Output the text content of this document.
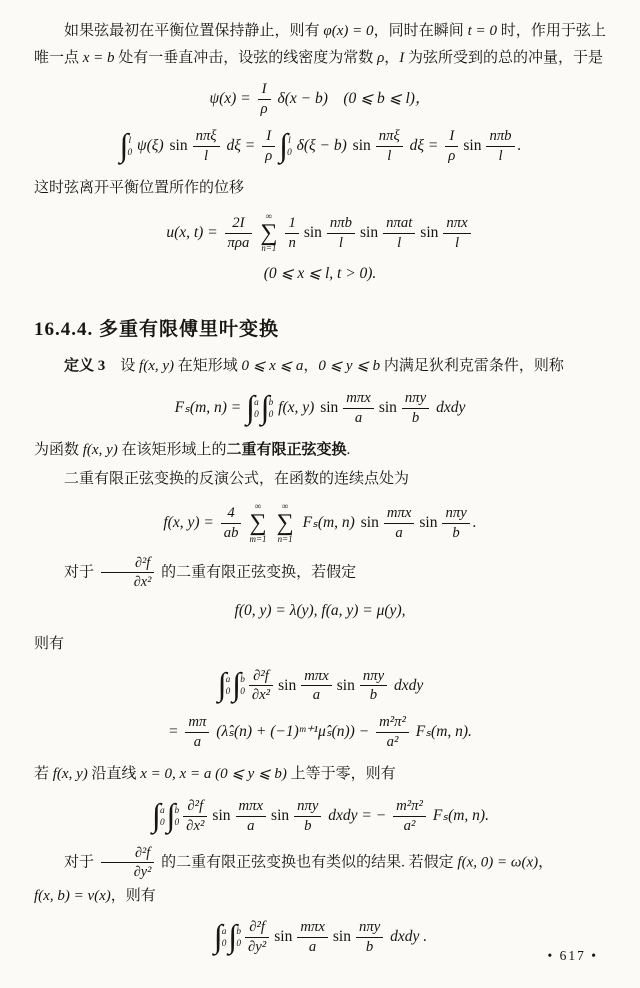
如果弦最初在平衡位置保持静止，则有 φ(x) = 0，同时在瞬间 t = 0 时，作用于弦上唯一点 x = b 处有一垂直冲击，设弦的线密度为常数 ρ，I 为弦所受到的总的冲量，于是
$\psi(x) = \frac{I}{\rho} \delta(x - b)$　(0 ⩽ b ⩽ l)，
∫ l
0 ψ(ξ) $\sin \frac{\text{nπξ}}{l}$ $d\xi = \frac{I}{\rho}$ ∫ l
0 δ(ξ − b) $\sin \frac{\text{nπξ}}{l}$ $d\xi = \frac{I}{\rho}$ $\sin \frac{\text{nπb}}{l}$ .
这时弦离开平衡位置所作的位移
u(x, $t) = \frac{2I}{\text{πρa}}$ ∞
∑
$n=1 \frac{1}{n}$ $\sin \frac{\text{nπb}}{l}$ $\sin \frac{\text{nπat}}{l}$ $\sin \frac{\text{nπx}}{l}$
(0 ⩽ x ⩽ l, t > 0).
16.4.4. 多重有限傅里叶变换
定义 3　设 f(x, y) 在矩形域 0 ⩽ x ⩽ a，0 ⩽ y ⩽ b 内满足狄利克雷条件，则称
Fₛ(m, n) = ∫ a
0 ∫ b
0 f(x, y) $\sin \frac{\text{mπx}}{a}$ $\sin \frac{\text{nπy}}{b}$ dxdy
为函数 f(x, y) 在该矩形域上的二重有限正弦变换.
二重有限正弦变换的反演公式，在函数的连续点处为
f(x, $y) = \frac{4}{ab}$ ∞
∑
m=1
∞
∑
n=1
Fₛ(m, n) $\sin \frac{\text{mπx}}{a}$ $\sin \frac{\text{nπy}}{b}$ .
对于 $\frac{\text{∂²f}}{\text{∂x²}}$ 的二重有限正弦变换，若假定
f(0, y) = λ(y), f(a, y) = μ(y),
则有
∫ a
0 ∫ b
$0 \frac{\text{∂²f}}{\text{∂x²}}$ $\sin \frac{\text{mπx}}{a}$ $\sin \frac{\text{nπy}}{b}$ dxdy
= $\frac{m\pi}{a}$ (λ̂ₛ(n) + (−1)ᵐ⁺¹μ̂ₛ(n)) − $\frac{\text{m²π²}}{\text{a²}} F_s(m$, n).
若 f(x, y) 沿直线 x = 0, x = a (0 ⩽ y ⩽ b) 上等于零，则有
∫ a
0 ∫ b
$0 \frac{\text{∂²f}}{\text{∂x²}}$ $\sin \frac{\text{mπx}}{a}$ $\sin \frac{\text{nπy}}{b}$ dxdy = − $\frac{\text{m²π²}}{\text{a²}} F_s(m$, n).
对于 $\frac{\text{∂²f}}{\text{∂y²}}$ 的二重有限正弦变换也有类似的结果. 若假定 f(x, 0) = ω(x)，
f(x, b) = v(x)，则有
∫ a
0 ∫ b
$0 \frac{\text{∂²f}}{\text{∂y²}}$ $\sin \frac{\text{mπx}}{a}$ $\sin \frac{\text{nπy}}{b}$ dxdy .
• 617 •
